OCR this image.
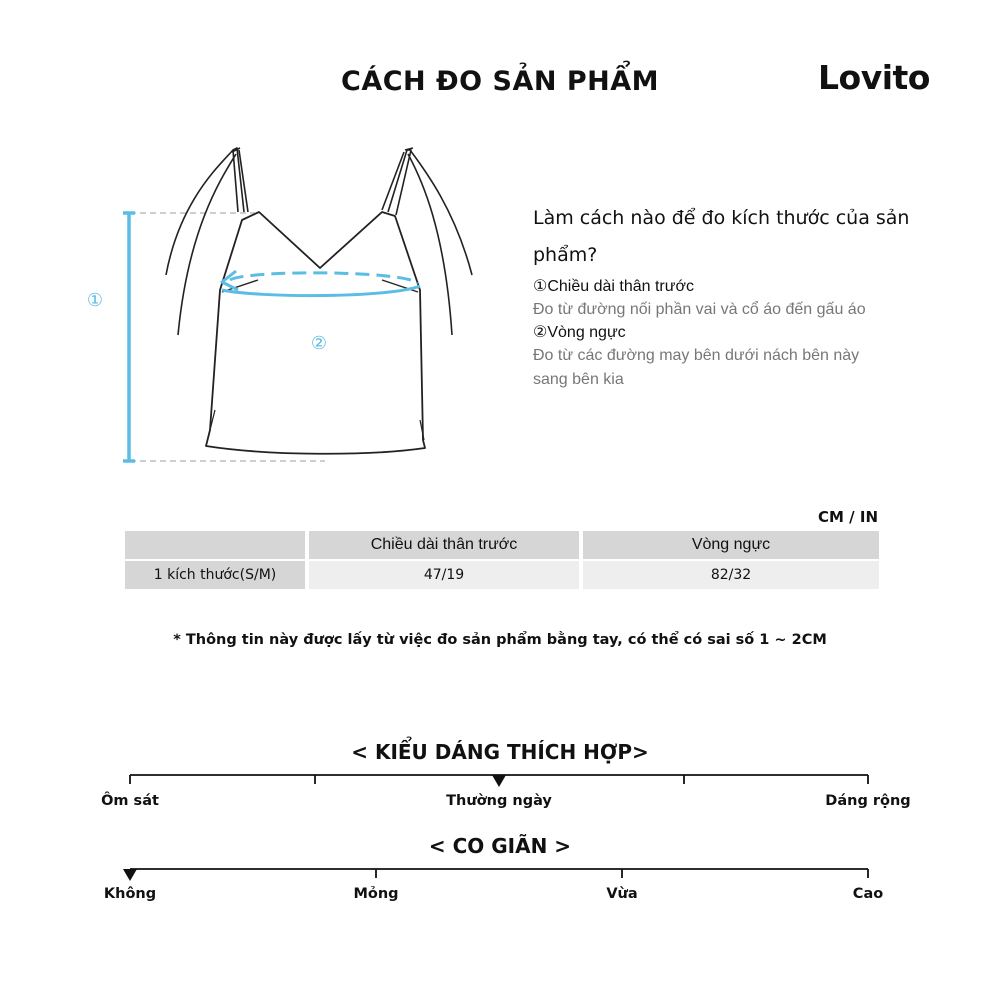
CÁCH ĐO SẢN PHẨM	Lovito
①
②
Làm cách nào để đo kích thước của sản phẩm?
①Chiều dài thân trước
Đo từ đường nối phần vai và cổ áo đến gấu áo
②Vòng ngực
Đo từ các đường may bên dưới nách bên này sang bên kia
CM / IN
	Chiều dài thân trước	Vòng ngực
1 kích thước(S/M)	47/19	82/32
* Thông tin này được lấy từ việc đo sản phẩm bằng tay, có thể có sai số 1 ~ 2CM
< KIỂU DÁNG THÍCH HỢP>
Ôm sát	Thường ngày	Dáng rộng
< CO GIÃN >
Không	Mỏng	Vừa	Cao
